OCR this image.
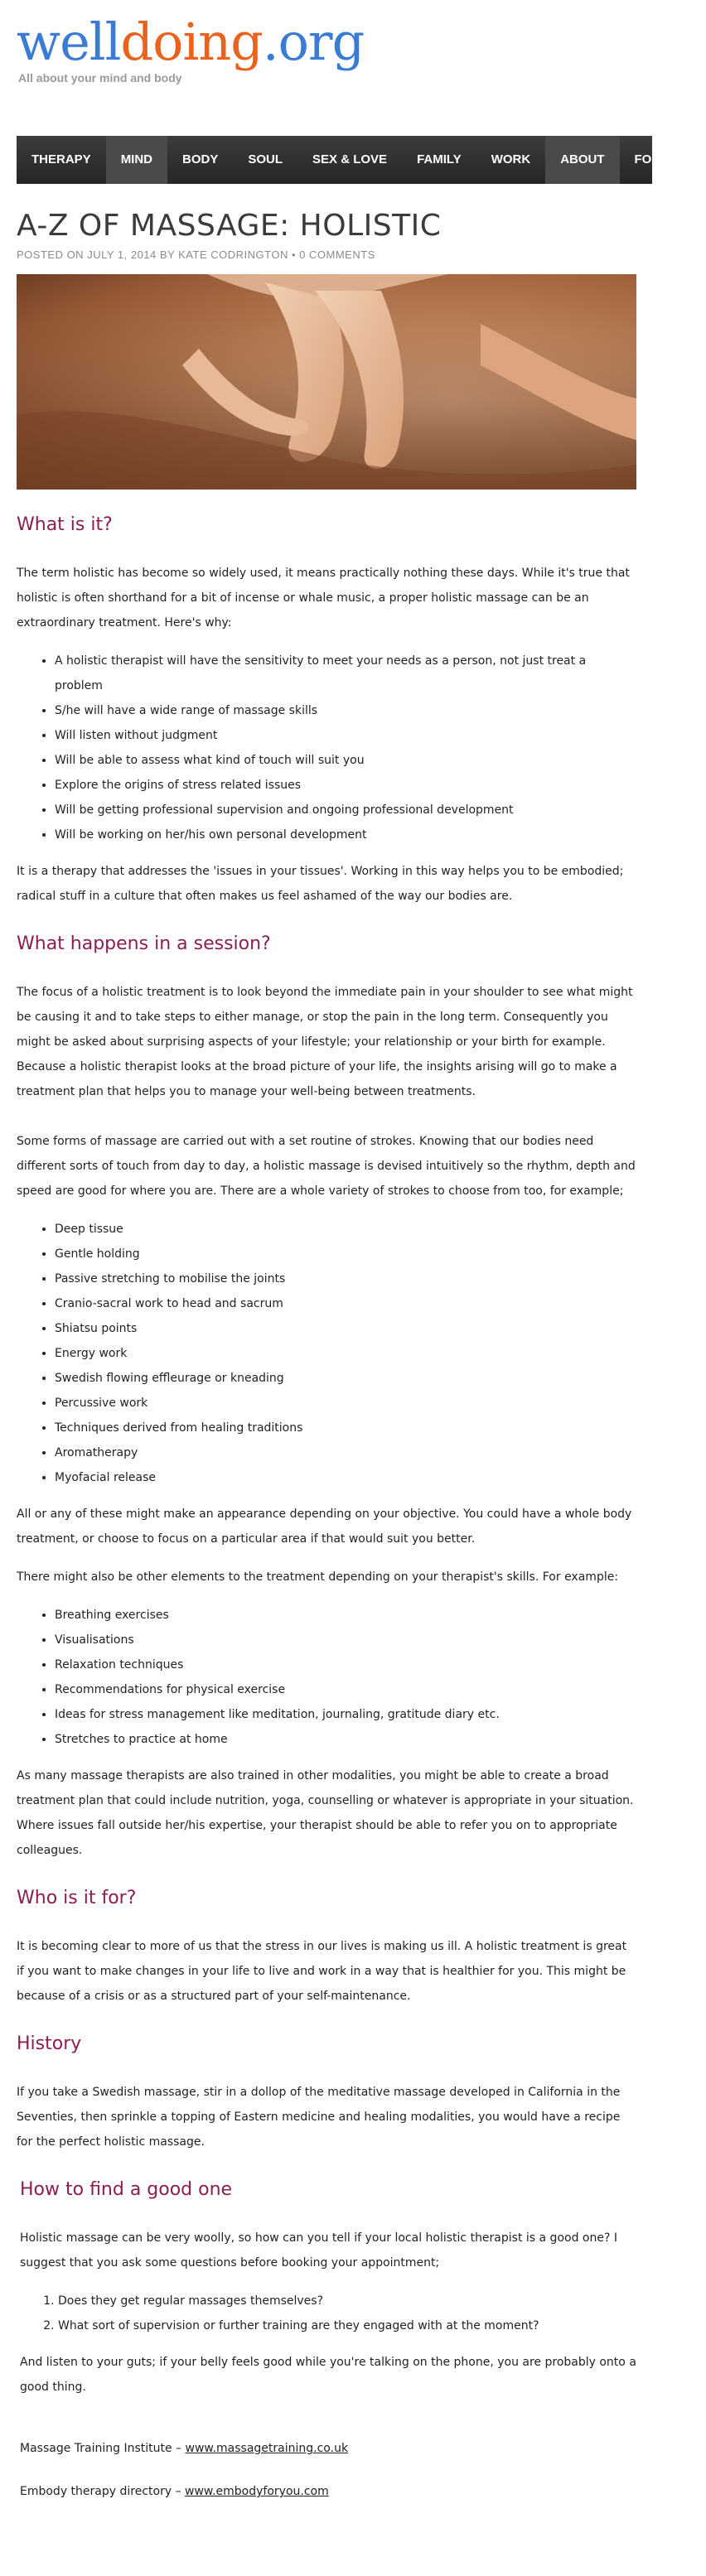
welldoing.org
All about your mind and body
THERAPY	MIND	BODY	SOUL	SEX & LOVE	FAMILY	WORK	ABOUT	FOR YOU
A-Z OF MASSAGE: HOLISTIC
POSTED ON JULY 1, 2014 BY KATE CODRINGTON • 0 COMMENTS
What is it?

The term holistic has become so widely used, it means practically nothing these days. While it's true that holistic is often shorthand for a bit of incense or whale music, a proper holistic massage can be an extraordinary treatment. Here's why:

• A holistic therapist will have the sensitivity to meet your needs as a person, not just treat a problem
• S/he will have a wide range of massage skills
• Will listen without judgment
• Will be able to assess what kind of touch will suit you
• Explore the origins of stress related issues
• Will be getting professional supervision and ongoing professional development
• Will be working on her/his own personal development

It is a therapy that addresses the 'issues in your tissues'. Working in this way helps you to be embodied; radical stuff in a culture that often makes us feel ashamed of the way our bodies are.

What happens in a session?

The focus of a holistic treatment is to look beyond the immediate pain in your shoulder to see what might be causing it and to take steps to either manage, or stop the pain in the long term. Consequently you might be asked about surprising aspects of your lifestyle; your relationship or your birth for example. Because a holistic therapist looks at the broad picture of your life, the insights arising will go to make a treatment plan that helps you to manage your well-being between treatments.

Some forms of massage are carried out with a set routine of strokes. Knowing that our bodies need different sorts of touch from day to day, a holistic massage is devised intuitively so the rhythm, depth and speed are good for where you are. There are a whole variety of strokes to choose from too, for example;

• Deep tissue
• Gentle holding
• Passive stretching to mobilise the joints
• Cranio-sacral work to head and sacrum
• Shiatsu points
• Energy work
• Swedish flowing effleurage or kneading
• Percussive work
• Techniques derived from healing traditions
• Aromatherapy
• Myofacial release

All or any of these might make an appearance depending on your objective. You could have a whole body treatment, or choose to focus on a particular area if that would suit you better.

There might also be other elements to the treatment depending on your therapist's skills. For example:

• Breathing exercises
• Visualisations
• Relaxation techniques
• Recommendations for physical exercise
• Ideas for stress management like meditation, journaling, gratitude diary etc.
• Stretches to practice at home

As many massage therapists are also trained in other modalities, you might be able to create a broad treatment plan that could include nutrition, yoga, counselling or whatever is appropriate in your situation. Where issues fall outside her/his expertise, your therapist should be able to refer you on to appropriate colleagues.

Who is it for?

It is becoming clear to more of us that the stress in our lives is making us ill. A holistic treatment is great if you want to make changes in your life to live and work in a way that is healthier for you. This might be because of a crisis or as a structured part of your self-maintenance.

History

If you take a Swedish massage, stir in a dollop of the meditative massage developed in California in the Seventies, then sprinkle a topping of Eastern medicine and healing modalities, you would have a recipe for the perfect holistic massage.

How to find a good one

Holistic massage can be very woolly, so how can you tell if your local holistic therapist is a good one? I suggest that you ask some questions before booking your appointment;

1. Does they get regular massages themselves?
2. What sort of supervision or further training are they engaged with at the moment?

And listen to your guts; if your belly feels good while you're talking on the phone, you are probably onto a good thing.

Massage Training Institute – www.massagetraining.co.uk

Embody therapy directory – www.embodyforyou.com
